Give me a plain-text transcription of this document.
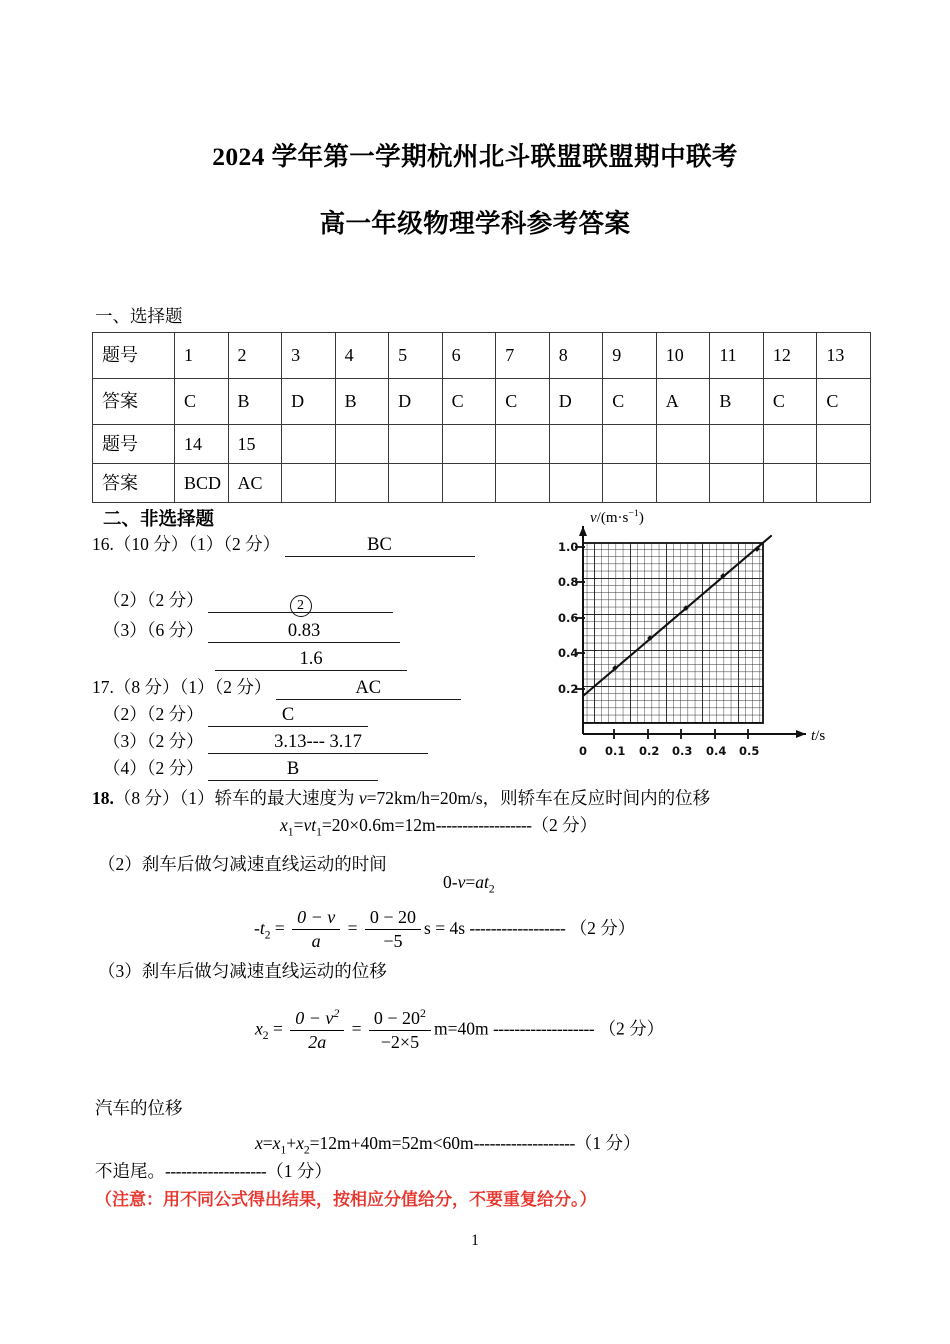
2024 学年第一学期杭州北斗联盟联盟期中联考
高一年级物理学科参考答案
一、选择题
题号	1	2	3	4	5	6	7	8	9	10	11	12	13
答案	C	B	D	B	D	C	C	D	C	A	B	C	C
题号	14	15											
答案	BCD	AC											
二、非选择题
16.（10 分）（1）（2 分）	BC
（2）（2 分）	2
（3）（6 分）	0.83
1.6
17.（8 分）（1）（2 分）	AC
（2）（2 分）	C
（3）（2 分）	3.13--- 3.17
（4）（2 分）	B
$v/(m\cdot s^{-1})$
t/s
1.0
0.8
0.6
0.4
0.2
0 0.1 0.2 0.3 0.4 0.5
18.（8 分）（1）轿车的最大速度为 v=72km/h=20m/s，则轿车在反应时间内的位移
$x_1=vt_1=20\times 0.6m=12m------------------(2$ 分）
（2）刹车后做匀减速直线运动的时间
$0-v=at_2$
$-t_2 = \frac{0 - v}{a} = \frac{0 - 20}{-5}$ s = 4s ------------------ （2 分）
（3）刹车后做匀减速直线运动的位移
$x_2 = \frac{0 - v^2}{2a} = \frac{0 - 20^2}{-2\times 5} m=40m$ ------------------- （2 分）
汽车的位移
$x=x_1+x_2=12m+40m=52m<60m-------------------(1$ 分）
不追尾。-------------------（1 分）
（注意：用不同公式得出结果，按相应分值给分，不要重复给分。）
1
